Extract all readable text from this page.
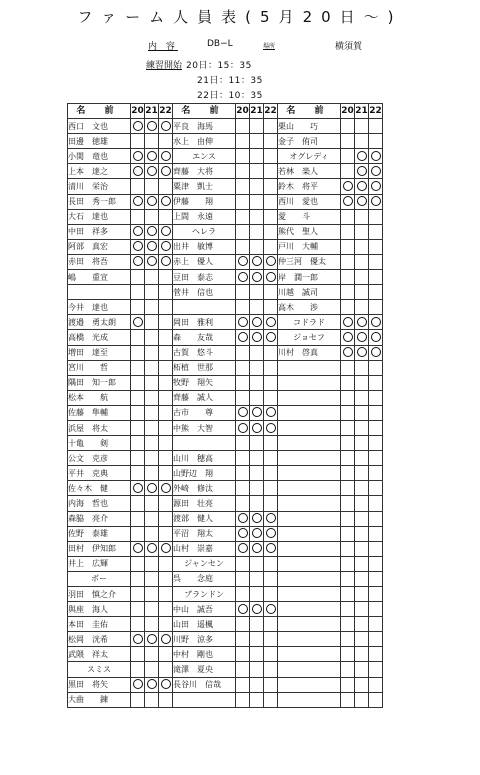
ファーム人員表(5月20日〜)
内 容	DB−L	場所	横須賀
練習開始 20日：15：35
21日：11：35
22日：10：35
名 前	20	21	22	名 前	20	21	22	名 前	20	21	22
西口　文也				平良　海馬				栗山　　巧			
田邊　徳雄				水上　由伸				金子　侑司			
小関　竜也				エンス				オグレディ			
上本　達之				齊藤　大将				若林　楽人			
清川　栄治				粟津　凱士				鈴木　将平			
長田　秀一郎				伊藤　　翔				西川　愛也			
大石　達也				上間　永遠				愛　　斗			
中田　祥多				ヘレラ				熊代　聖人			
阿部　真宏				出井　敏博				戸川　大輔			
赤田　将吾				赤上　優人				仲三河　優太			
嶋　　重宣				豆田　泰志				岸　潤一郎			
				菅井　信也				川越　誠司			
今井　達也								高木　　渉			
渡邉　勇太朗				岡田　雅利				コドラド			
高橋　光成				森　　友哉				ジョセフ			
増田　達至				古賀　悠斗				川村　啓真			
宮川　　哲				柘植　世那							
隅田　知一郎				牧野　翔矢							
松本　　航				齊藤　誠人							
佐藤　隼輔				古市　　尊							
浜屋　将太				中熊　大智							
十亀　　剣											
公文　克彦				山川　穂高							
平井　克典				山野辺　翔							
佐々木　健				外崎　修汰							
内海　哲也				源田　壮亮							
森脇　亮介				渡部　健人							
佐野　泰雄				平沼　翔太							
田村　伊知郎				山村　崇嘉							
井上　広輝				ジャンセン							
ボー				呉　　念庭							
羽田　慎之介				ブランドン							
與座　海人				中山　誠吾							
本田　圭佑				山田　遥楓							
松岡　洸希				川野　涼多							
武隈　祥太				中村　剛也							
スミス				滝澤　夏央							
黒田　将矢				長谷川　信哉							
大曲　　錬											
